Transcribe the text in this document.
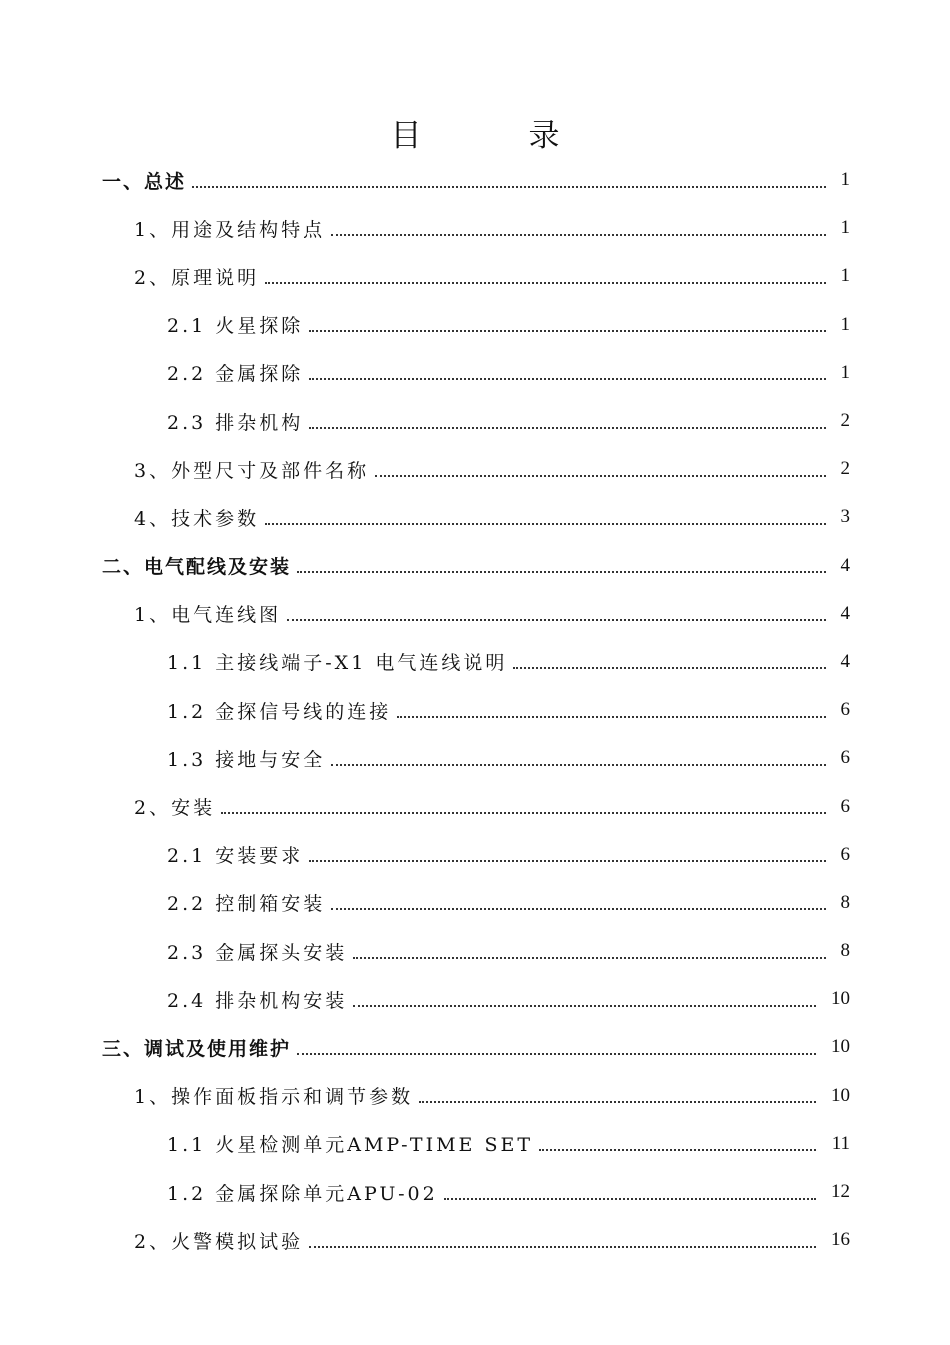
目　录
一、总述	1
1、用途及结构特点	1
2、原理说明	1
2.1 火星探除	1
2.2 金属探除	1
2.3 排杂机构	2
3、外型尺寸及部件名称	2
4、技术参数	3
二、电气配线及安装	4
1、电气连线图	4
1.1 主接线端子-X1 电气连线说明	4
1.2 金探信号线的连接	6
1.3 接地与安全	6
2、安装	6
2.1 安装要求	6
2.2 控制箱安装	8
2.3 金属探头安装	8
2.4 排杂机构安装	10
三、调试及使用维护	10
1、操作面板指示和调节参数	10
1.1 火星检测单元AMP-TIME SET	11
1.2 金属探除单元APU-02	12
2、火警模拟试验	16
